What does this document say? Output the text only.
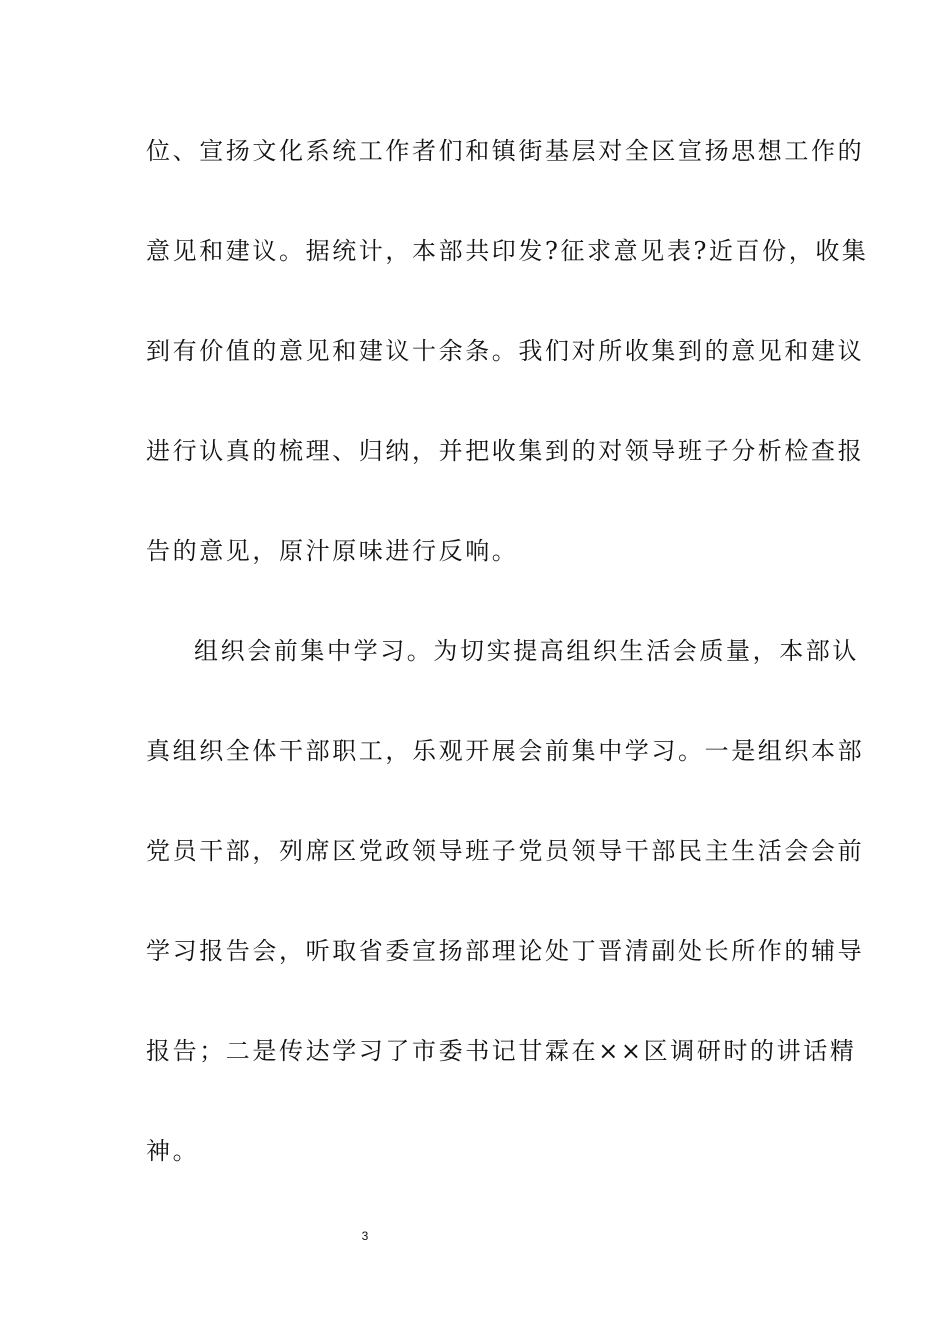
位、宣扬文化系统工作者们和镇街基层对全区宣扬思想工作的
意见和建议。据统计，本部共印发?征求意见表?近百份，收集
到有价值的意见和建议十余条。我们对所收集到的意见和建议
进行认真的梳理、归纳，并把收集到的对领导班子分析检查报
告的意见，原汁原味进行反响。
组织会前集中学习。为切实提高组织生活会质量，本部认
真组织全体干部职工，乐观开展会前集中学习。一是组织本部
党员干部，列席区党政领导班子党员领导干部民主生活会会前
学习报告会，听取省委宣扬部理论处丁晋清副处长所作的辅导
报告；二是传达学习了市委书记甘霖在××区调研时的讲话精
神。
3
